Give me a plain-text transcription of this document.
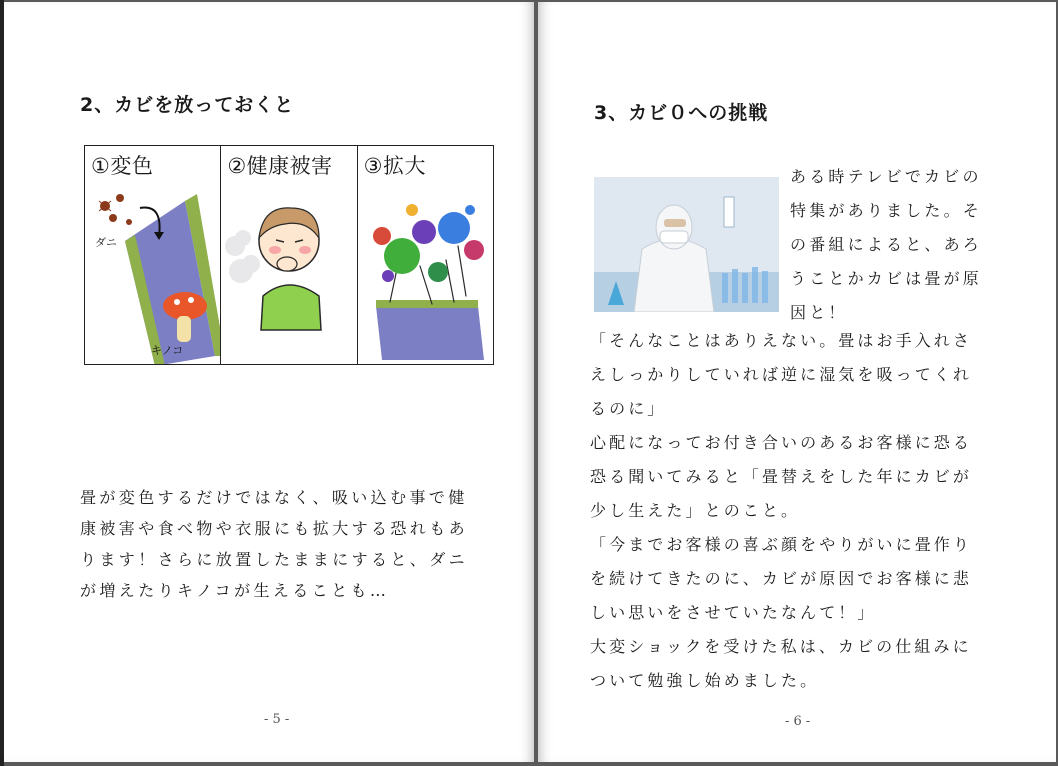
2、カビを放っておくと
ダニ
キノコ
①変色	②健康被害 ③拡大

畳が変色するだけではなく、吸い込む事で健

康被害や食べ物や衣服にも拡大する恐れもあ

ります！さらに放置したままにすると、ダニ

が増えたりキノコが生えることも…

- 5 -
3、カビ０への挑戦

ある時テレビでカビの

特集がありました。そ

の番組によると、あろ

うことかカビは畳が原

因と！

「そんなことはありえない。畳はお手入れさ

えしっかりしていれば逆に湿気を吸ってくれ

るのに」

心配になってお付き合いのあるお客様に恐る

恐る聞いてみると「畳替えをした年にカビが

少し生えた」とのこと。

「今までお客様の喜ぶ顔をやりがいに畳作り

を続けてきたのに、カビが原因でお客様に悲

しい思いをさせていたなんて！」

大変ショックを受けた私は、カビの仕組みに

ついて勉強し始めました。

- 6 -
